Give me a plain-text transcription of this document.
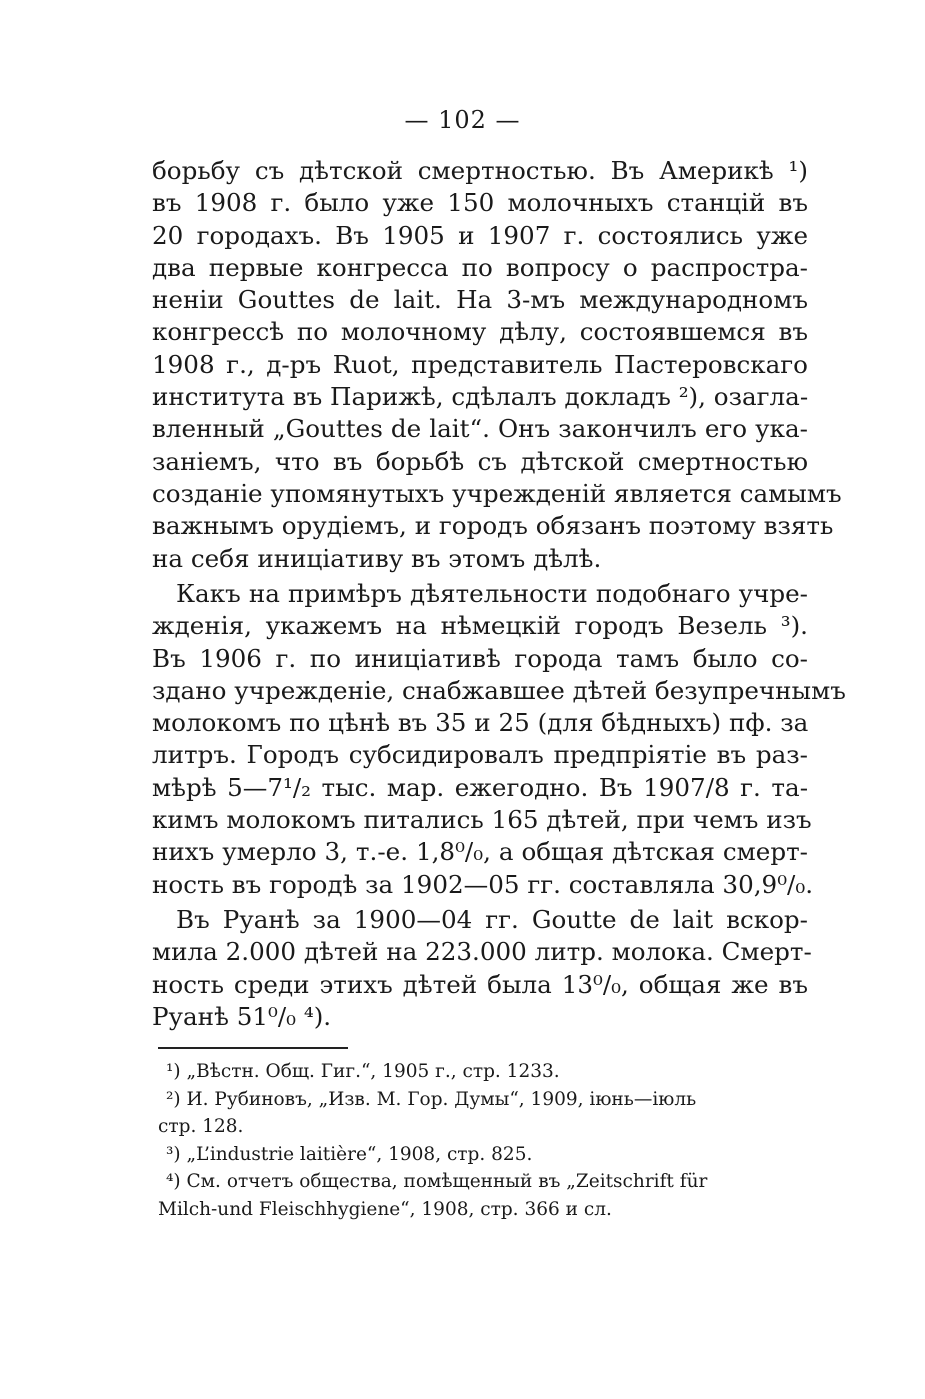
— 102 —
борьбу съ дѣтской смертностью. Въ Америкѣ ¹)
въ 1908 г. было уже 150 молочныхъ станцій въ
20 городахъ. Въ 1905 и 1907 г. состоялись уже
два первые конгресса по вопросу о распростра-
неніи Gouttes de lait. На 3-мъ международномъ
конгрессѣ по молочному дѣлу, состоявшемся въ
1908 г., д-ръ Ruot, представитель Пастеровскаго
института въ Парижѣ, сдѣлалъ докладъ ²), озагла-
вленный „Gouttes de lait“. Онъ закончилъ его ука-
заніемъ, что въ борьбѣ съ дѣтской смертностью
созданіе упомянутыхъ учрежденій является самымъ
важнымъ орудіемъ, и городъ обязанъ поэтому взять
на себя иниціативу въ этомъ дѣлѣ.
Какъ на примѣръ дѣятельности подобнаго учре-
жденія, укажемъ на нѣмецкій городъ Везель ³).
Въ 1906 г. по иниціативѣ города тамъ было со-
здано учрежденіе, снабжавшее дѣтей безупречнымъ
молокомъ по цѣнѣ въ 35 и 25 (для бѣдныхъ) пф. за
литръ. Городъ субсидировалъ предпріятіе въ раз-
мѣрѣ 5—7¹/₂ тыс. мар. ежегодно. Въ 1907/8 г. та-
кимъ молокомъ питались 165 дѣтей, при чемъ изъ
нихъ умерло 3, т.-е. 1,8⁰/₀, а общая дѣтская смерт-
ность въ городѣ за 1902—05 гг. составляла 30,9⁰/₀.
Въ Руанѣ за 1900—04 гг. Goutte de lait вскор-
мила 2.000 дѣтей на 223.000 литр. молока. Смерт-
ность среди этихъ дѣтей была 13⁰/₀, общая же въ
Руанѣ 51⁰/₀ ⁴).
¹) „Вѣстн. Общ. Гиг.“, 1905 г., стр. 1233.
²) И. Рубиновъ, „Изв. М. Гор. Думы“, 1909, іюнь—іюль
стр. 128.
³) „L’industrie laitière“, 1908, стр. 825.
⁴) См. отчетъ общества, помѣщенный въ „Zeitschrift für
Milch-und Fleischhygiene“, 1908, стр. 366 и сл.
